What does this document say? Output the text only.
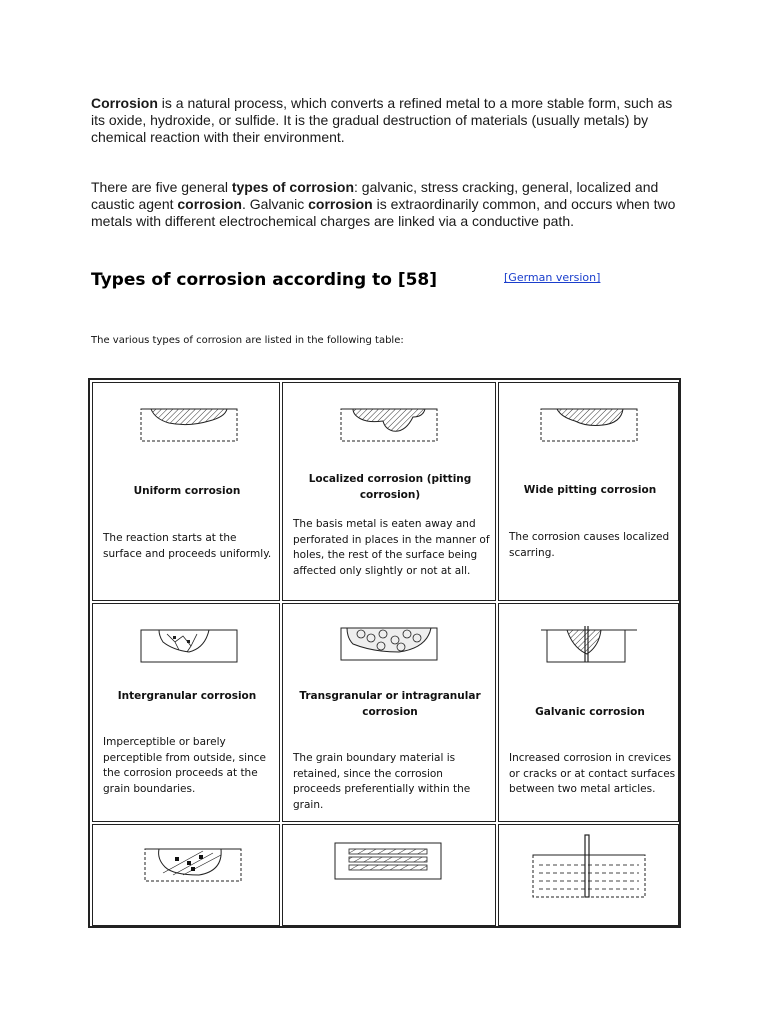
Corrosion is a natural process, which converts a refined metal to a more stable form, such as its oxide, hydroxide, or sulfide. It is the gradual destruction of materials (usually metals) by chemical reaction with their environment.
There are five general types of corrosion: galvanic, stress cracking, general, localized and caustic agent corrosion. Galvanic corrosion is extraordinarily common, and occurs when two metals with different electrochemical charges are linked via a conductive path.
Types of corrosion according to [58]	[German version]
The various types of corrosion are listed in the following table:
Uniform corrosion
The reaction starts at the surface and proceeds uniformly.
Localized corrosion (pitting corrosion)
The basis metal is eaten away and perforated in places in the manner of holes, the rest of the surface being affected only slightly or not at all.
Wide pitting corrosion
The corrosion causes localized scarring.
Intergranular corrosion
Imperceptible or barely perceptible from outside, since the corrosion proceeds at the grain boundaries.
Transgranular or intragranular corrosion
The grain boundary material is retained, since the corrosion proceeds preferentially within the grain.
Galvanic corrosion
Increased corrosion in crevices or cracks or at contact surfaces between two metal articles.
